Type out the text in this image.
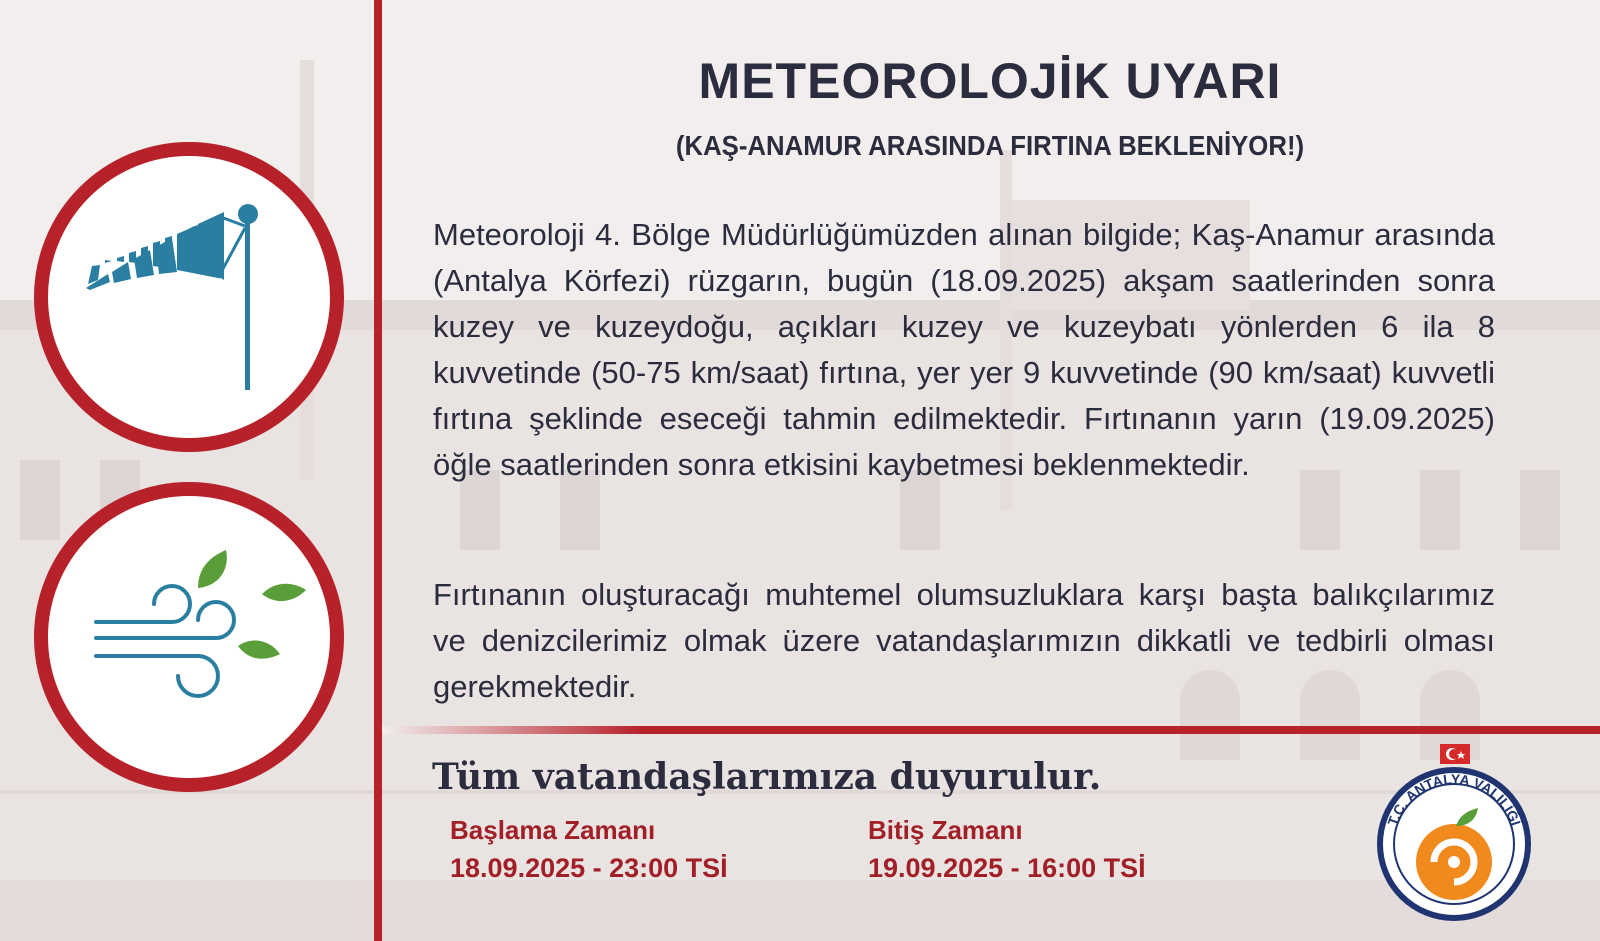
METEOROLOJİK UYARI
(KAŞ-ANAMUR ARASINDA FIRTINA BEKLENİYOR!)

Meteoroloji 4. Bölge Müdürlüğümüzden alınan bilgide; Kaş-Anamur arasında (Antalya Körfezi) rüzgarın, bugün (18.09.2025) akşam saatlerinden sonra kuzey ve kuzeydoğu, açıkları kuzey ve kuzeybatı yönlerden 6 ila 8 kuvvetinde (50-75 km/saat) fırtına, yer yer 9 kuvvetinde (90 km/saat) kuvvetli fırtına şeklinde eseceği tahmin edilmektedir. Fırtınanın yarın (19.09.2025) öğle saatlerinden sonra etkisini kaybetmesi beklenmektedir.

Fırtınanın oluşturacağı muhtemel olumsuzluklara karşı başta balıkçılarımız ve denizcilerimiz olmak üzere vatandaşlarımızın dikkatli ve tedbirli olması gerekmektedir.

Tüm vatandaşlarımıza duyurulur.
Başlama Zamanı
18.09.2025 - 23:00 TSİ
Bitiş Zamanı
19.09.2025 - 16:00 TSİ
T.C. ANTALYA VALİLİĞİ
